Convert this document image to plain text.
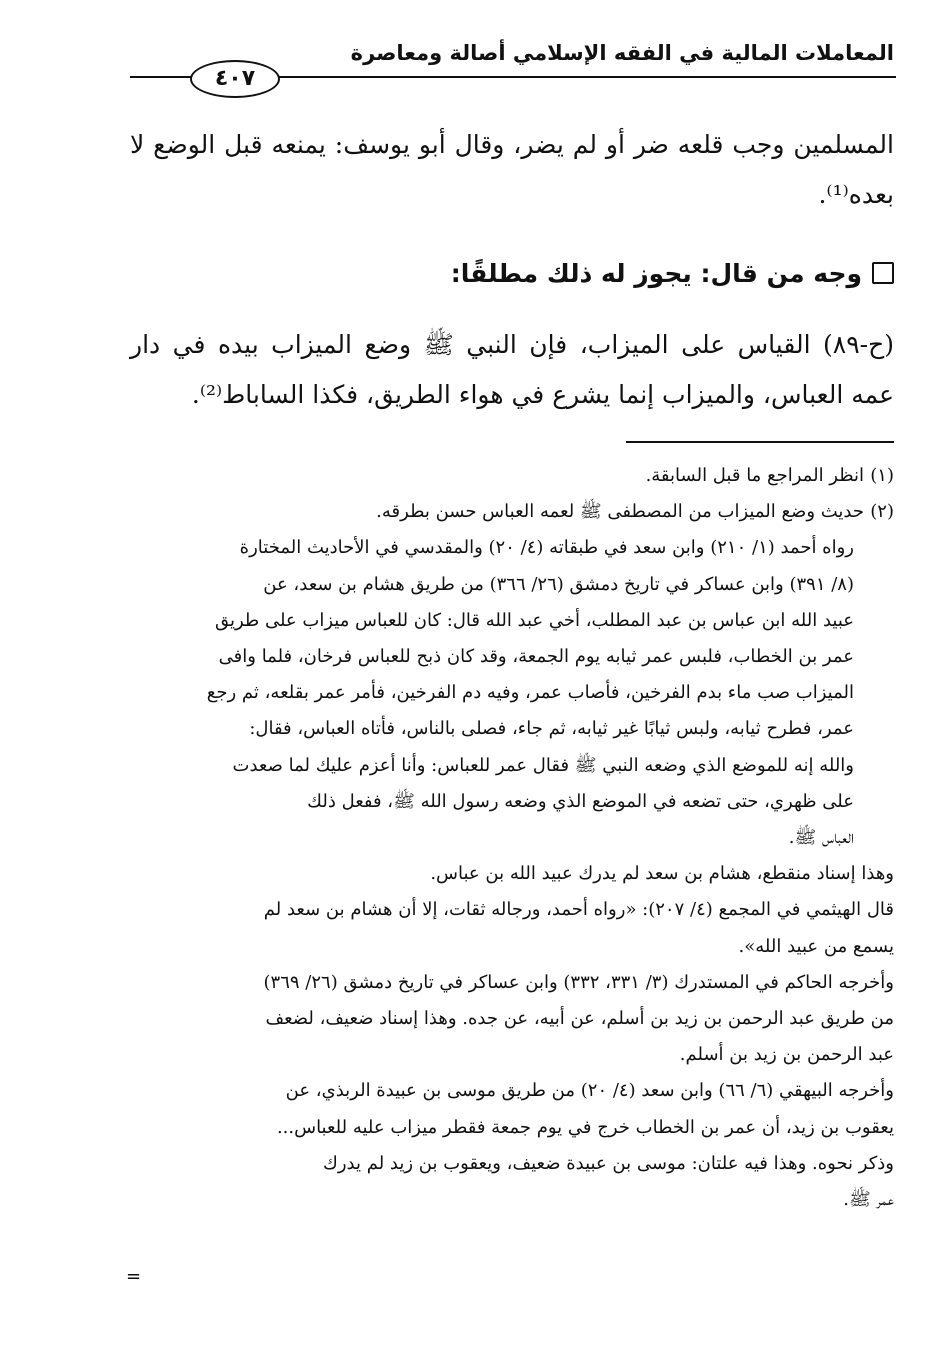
المعاملات المالية في الفقه الإسلامي أصالة ومعاصرة
٤٠٧

المسلمين وجب قلعه ضر أو لم يضر، وقال أبو يوسف: يمنعه قبل الوضع لا بعده⁽¹⁾.

وجه من قال: يجوز له ذلك مطلقًا:

(ح-٨٩) القياس على الميزاب، فإن النبي ﷺ وضع الميزاب بيده في دار عمه العباس، والميزاب إنما يشرع في هواء الطريق، فكذا الساباط⁽²⁾.

(١)انظر المراجع ما قبل السابقة.

(٢)حديث وضع الميزاب من المصطفى ﷺ لعمه العباس حسن بطرقه.

رواه أحمد (١/ ٢١٠) وابن سعد في طبقاته (٤/ ٢٠) والمقدسي في الأحاديث المختارة
(٨/ ٣٩١) وابن عساكر في تاريخ دمشق (٢٦/ ٣٦٦) من طريق هشام بن سعد، عن
عبيد الله ابن عباس بن عبد المطلب، أخي عبد الله قال: كان للعباس ميزاب على طريق
عمر بن الخطاب، فلبس عمر ثيابه يوم الجمعة، وقد كان ذبح للعباس فرخان، فلما وافى
الميزاب صب ماء بدم الفرخين، فأصاب عمر، وفيه دم الفرخين، فأمر عمر بقلعه، ثم رجع
عمر، فطرح ثيابه، ولبس ثيابًا غير ثيابه، ثم جاء، فصلى بالناس، فأتاه العباس، فقال:
والله إنه للموضع الذي وضعه النبي ﷺ فقال عمر للعباس: وأنا أعزم عليك لما صعدت
على ظهري، حتى تضعه في الموضع الذي وضعه رسول الله ﷺ، ففعل ذلك
العباس ﷺ.
وهذا إسناد منقطع، هشام بن سعد لم يدرك عبيد الله بن عباس.
قال الهيثمي في المجمع (٤/ ٢٠٧): «رواه أحمد، ورجاله ثقات، إلا أن هشام بن سعد لم
يسمع من عبيد الله».
وأخرجه الحاكم في المستدرك (٣/ ٣٣١، ٣٣٢) وابن عساكر في تاريخ دمشق (٢٦/ ٣٦٩)
من طريق عبد الرحمن بن زيد بن أسلم، عن أبيه، عن جده. وهذا إسناد ضعيف، لضعف
عبد الرحمن بن زيد بن أسلم.
وأخرجه البيهقي (٦/ ٦٦) وابن سعد (٤/ ٢٠) من طريق موسى بن عبيدة الربذي، عن
يعقوب بن زيد، أن عمر بن الخطاب خرج في يوم جمعة فقطر ميزاب عليه للعباس...
وذكر نحوه. وهذا فيه علتان: موسى بن عبيدة ضعيف، ويعقوب بن زيد لم يدرك
عمر ﷺ.
=
